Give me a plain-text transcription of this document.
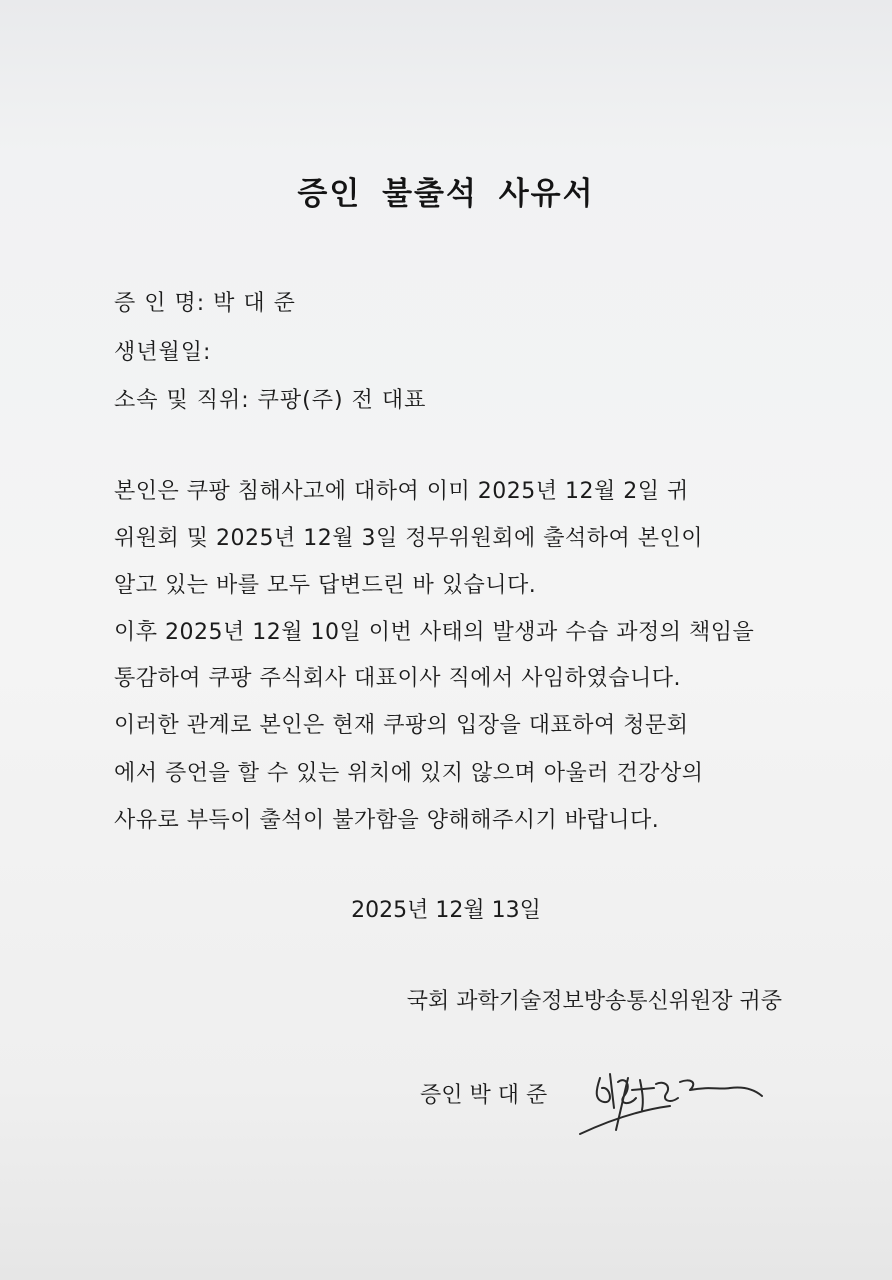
증인 불출석 사유서
증 인 명: 박 대 준
생년월일:
소속 및 직위: 쿠팡(주) 전 대표
본인은 쿠팡 침해사고에 대하여 이미 2025년 12월 2일 귀
위원회 및 2025년 12월 3일 정무위원회에 출석하여 본인이
알고 있는 바를 모두 답변드린 바 있습니다.
이후 2025년 12월 10일 이번 사태의 발생과 수습 과정의 책임을
통감하여 쿠팡 주식회사 대표이사 직에서 사임하였습니다.
이러한 관계로 본인은 현재 쿠팡의 입장을 대표하여 청문회
에서 증언을 할 수 있는 위치에 있지 않으며 아울러 건강상의
사유로 부득이 출석이 불가함을 양해해주시기 바랍니다.
2025년 12월 13일
국회 과학기술정보방송통신위원장 귀중
증인 박 대 준
